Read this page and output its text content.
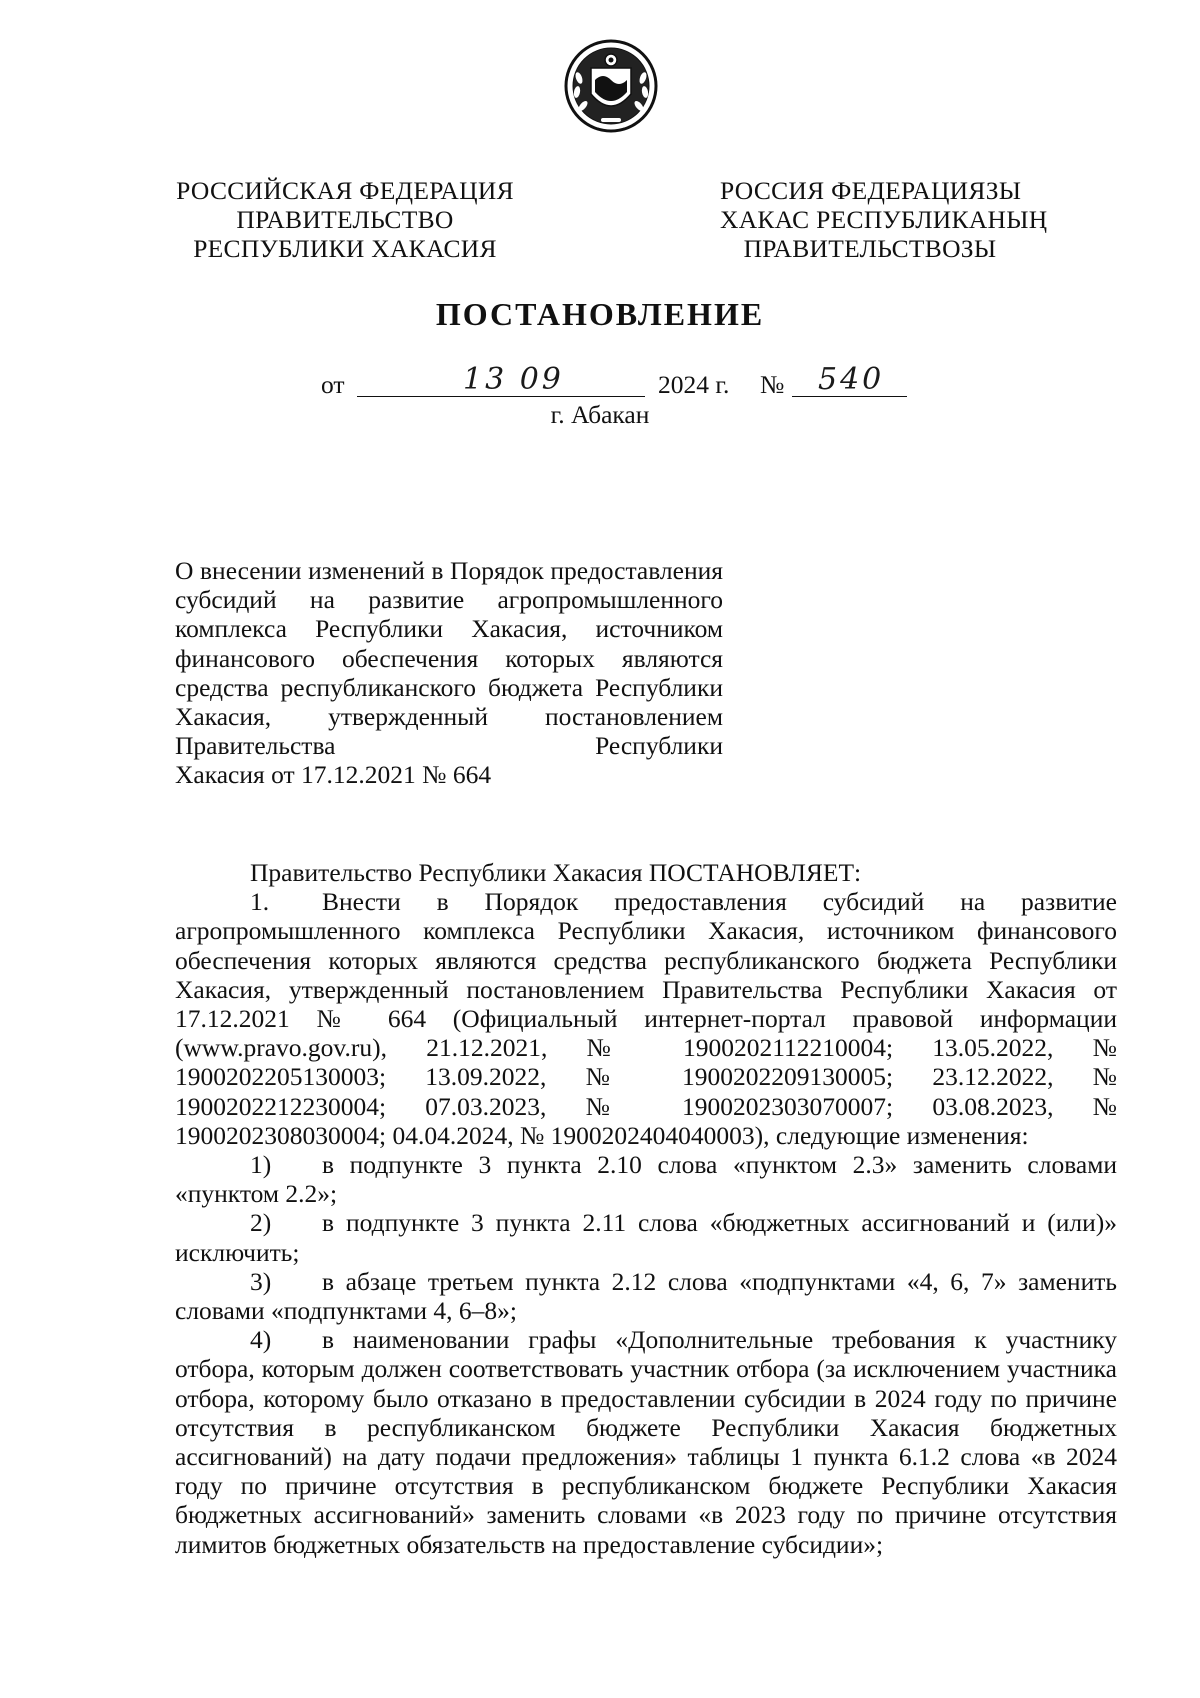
РОССИЙСКАЯ ФЕДЕРАЦИЯ
ПРАВИТЕЛЬСТВО
РЕСПУБЛИКИ ХАКАСИЯ
РОССИЯ ФЕДЕРАЦИЯЗЫ
ХАКАС РЕСПУБЛИКАНЫҢ
ПРАВИТЕЛЬСТВОЗЫ
ПОСТАНОВЛЕНИЕ
от	13 09	2024 г. № 540
г. Абакан
О внесении изменений в Порядок предоставления субсидий на развитие агропромышленного комплекса Республики Хакасия, источником финансового обеспечения которых являются средства республиканского бюджета Республики Хакасия, утвержденный постановлением Правительства Республики
Хакасия от 17.12.2021 № 664

Правительство Республики Хакасия ПОСТАНОВЛЯЕТ:

1. Внести в Порядок предоставления субсидий на развитие агропромышленного комплекса Республики Хакасия, источником финансового обеспечения которых являются средства республиканского бюджета Республики Хакасия, утвержденный постановлением Правительства Республики Хакасия от 17.12.2021 № 664 (Официальный интернет-портал правовой информации (www.pravo.gov.ru), 21.12.2021, № 1900202112210004; 13.05.2022, № 1900202205130003; 13.09.2022, № 1900202209130005; 23.12.2022, № 1900202212230004; 07.03.2023, № 1900202303070007; 03.08.2023, № 1900202308030004; 04.04.2024, № 1900202404040003), следующие изменения:

1) в подпункте 3 пункта 2.10 слова «пунктом 2.3» заменить словами «пунктом 2.2»;

2) в подпункте 3 пункта 2.11 слова «бюджетных ассигнований и (или)» исключить;

3) в абзаце третьем пункта 2.12 слова «подпунктами «4, 6, 7» заменить словами «подпунктами 4, 6–8»;

4) в наименовании графы «Дополнительные требования к участнику отбора, которым должен соответствовать участник отбора (за исключением участника отбора, которому было отказано в предоставлении субсидии в 2024 году по причине отсутствия в республиканском бюджете Республики Хакасия бюджетных ассигнований) на дату подачи предложения» таблицы 1 пункта 6.1.2 слова «в 2024 году по причине отсутствия в республиканском бюджете Республики Хакасия бюджетных ассигнований» заменить словами «в 2023 году по причине отсутствия лимитов бюджетных обязательств на предоставление субсидии»;
